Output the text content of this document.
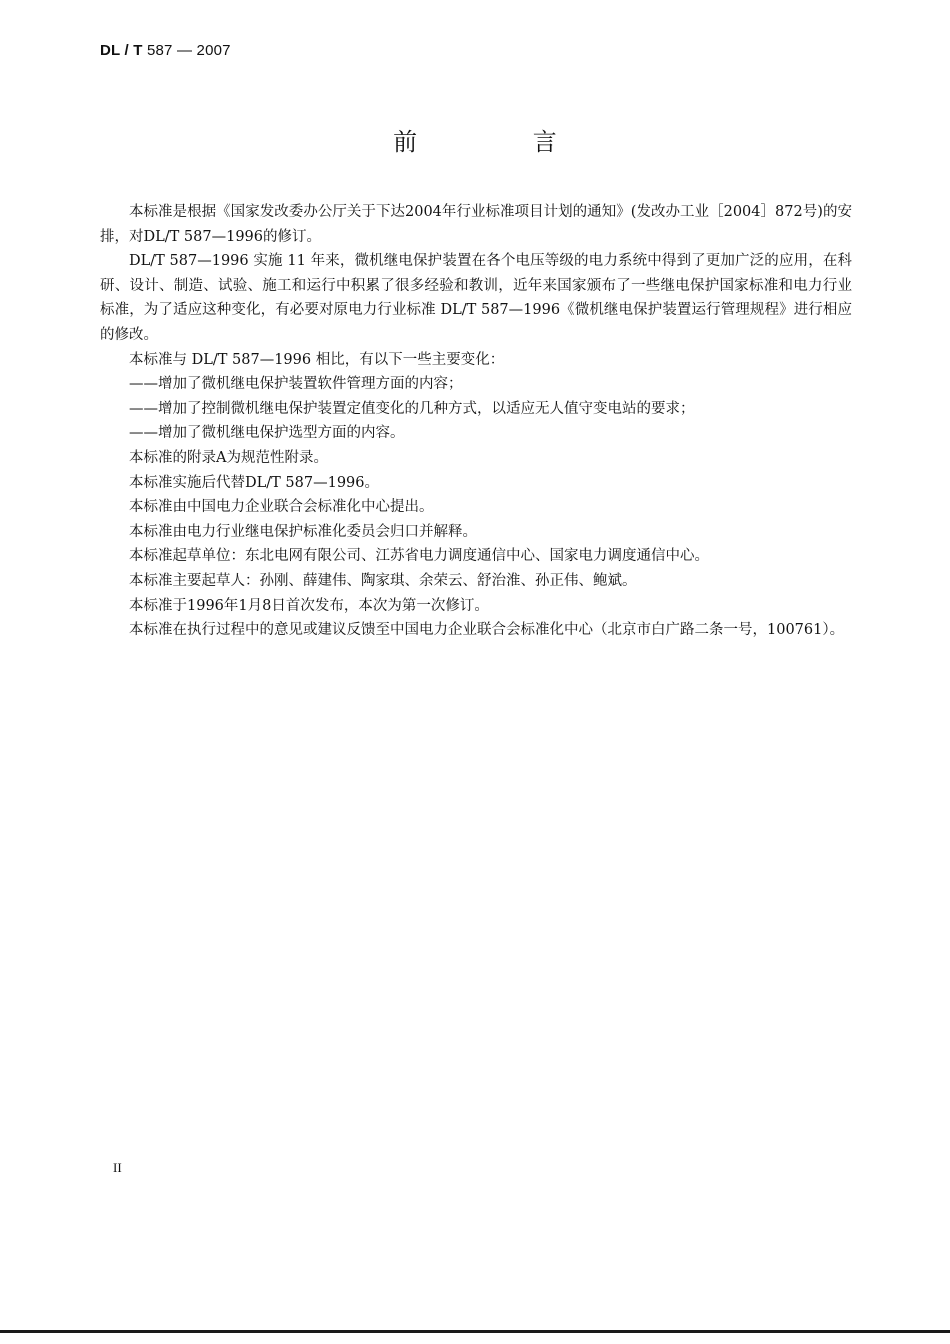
DL / T 587 — 2007
前 言

本标准是根据《国家发改委办公厅关于下达2004年行业标准项目计划的通知》(发改办工业［2004］872号)的安排，对DL/T 587—1996的修订。

DL/T 587—1996 实施 11 年来，微机继电保护装置在各个电压等级的电力系统中得到了更加广泛的应用，在科研、设计、制造、试验、施工和运行中积累了很多经验和教训，近年来国家颁布了一些继电保护国家标准和电力行业标准，为了适应这种变化，有必要对原电力行业标准 DL/T 587—1996《微机继电保护装置运行管理规程》进行相应的修改。

本标准与 DL/T 587—1996 相比，有以下一些主要变化：

——增加了微机继电保护装置软件管理方面的内容；

——增加了控制微机继电保护装置定值变化的几种方式，以适应无人值守变电站的要求；

——增加了微机继电保护选型方面的内容。

本标准的附录A为规范性附录。

本标准实施后代替DL/T 587—1996。

本标准由中国电力企业联合会标准化中心提出。

本标准由电力行业继电保护标准化委员会归口并解释。

本标准起草单位：东北电网有限公司、江苏省电力调度通信中心、国家电力调度通信中心。

本标准主要起草人：孙刚、薛建伟、陶家琪、余荣云、舒治淮、孙正伟、鲍斌。

本标准于1996年1月8日首次发布，本次为第一次修订。

本标准在执行过程中的意见或建议反馈至中国电力企业联合会标准化中心（北京市白广路二条一号，100761）。

II
